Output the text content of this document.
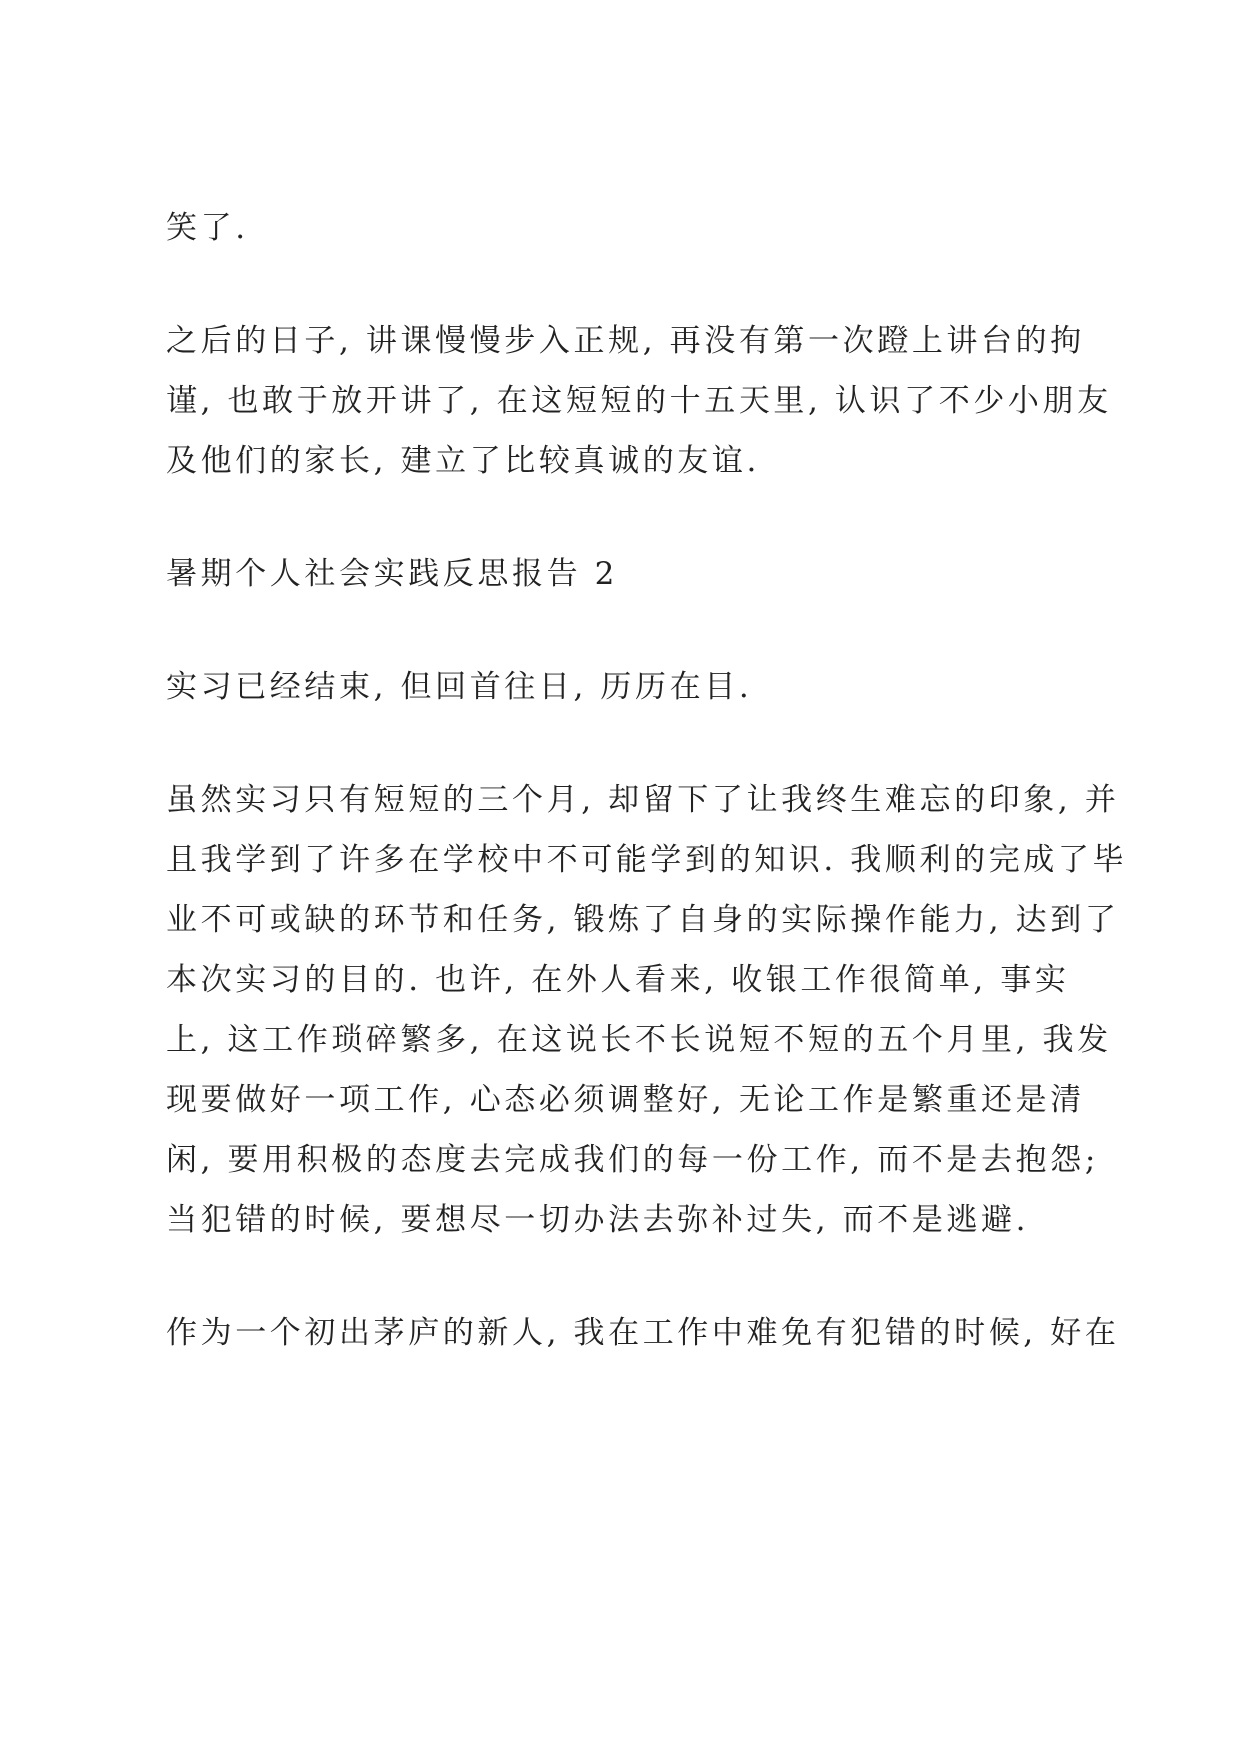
笑了.

之后的日子, 讲课慢慢步入正规, 再没有第一次蹬上讲台的拘

谨, 也敢于放开讲了, 在这短短的十五天里, 认识了不少小朋友

及他们的家长, 建立了比较真诚的友谊.

暑期个人社会实践反思报告 2

实习已经结束, 但回首往日, 历历在目.

虽然实习只有短短的三个月, 却留下了让我终生难忘的印象, 并

且我学到了许多在学校中不可能学到的知识. 我顺利的完成了毕

业不可或缺的环节和任务, 锻炼了自身的实际操作能力, 达到了

本次实习的目的. 也许, 在外人看来, 收银工作很简单, 事实

上, 这工作琐碎繁多, 在这说长不长说短不短的五个月里, 我发

现要做好一项工作, 心态必须调整好, 无论工作是繁重还是清

闲, 要用积极的态度去完成我们的每一份工作, 而不是去抱怨;

当犯错的时候, 要想尽一切办法去弥补过失, 而不是逃避.

作为一个初出茅庐的新人, 我在工作中难免有犯错的时候, 好在
